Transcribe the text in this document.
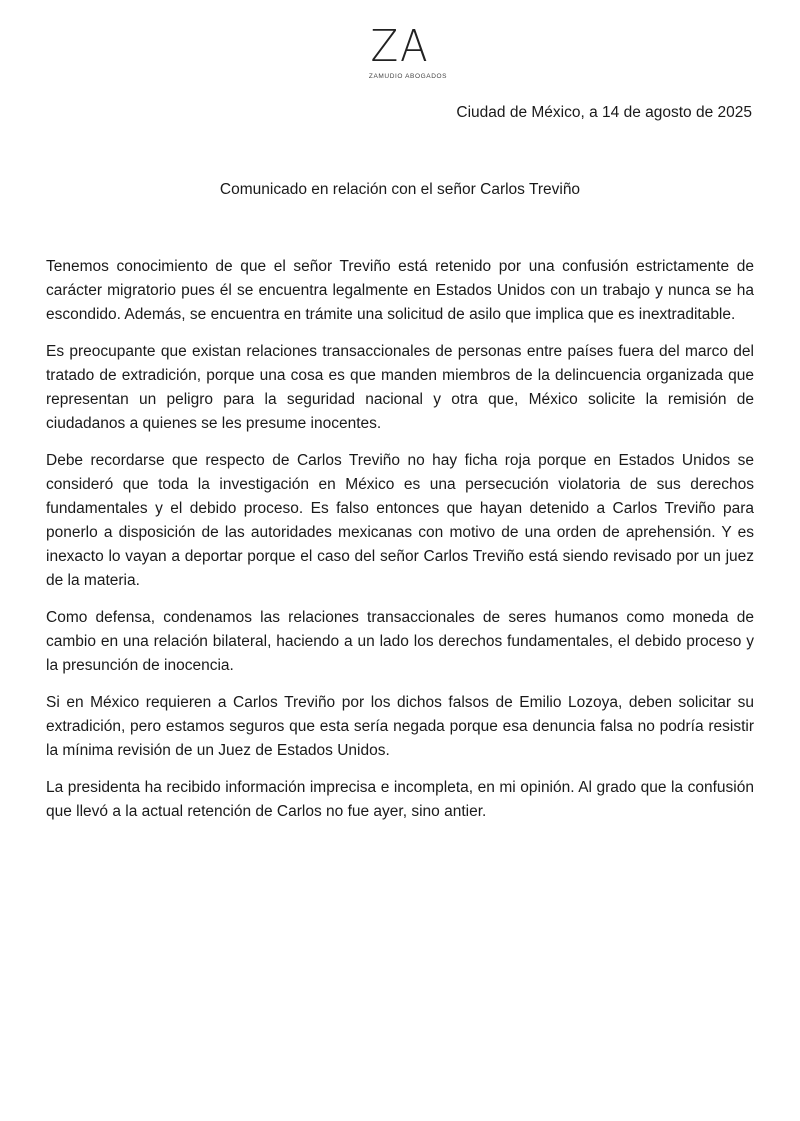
ZA
ZAMUDIO ABOGADOS
Ciudad de México, a 14 de agosto de 2025
Comunicado en relación con el señor Carlos Treviño

Tenemos conocimiento de que el señor Treviño está retenido por una confusión estrictamente de carácter migratorio pues él se encuentra legalmente en Estados Unidos con un trabajo y nunca se ha escondido. Además, se encuentra en trámite una solicitud de asilo que implica que es inextraditable.

Es preocupante que existan relaciones transaccionales de personas entre países fuera del marco del tratado de extradición, porque una cosa es que manden miembros de la delincuencia organizada que representan un peligro para la seguridad nacional y otra que, México solicite la remisión de ciudadanos a quienes se les presume inocentes.

Debe recordarse que respecto de Carlos Treviño no hay ficha roja porque en Estados Unidos se consideró que toda la investigación en México es una persecución violatoria de sus derechos fundamentales y el debido proceso. Es falso entonces que hayan detenido a Carlos Treviño para ponerlo a disposición de las autoridades mexicanas con motivo de una orden de aprehensión. Y es inexacto lo vayan a deportar porque el caso del señor Carlos Treviño está siendo revisado por un juez de la materia.

Como defensa, condenamos las relaciones transaccionales de seres humanos como moneda de cambio en una relación bilateral, haciendo a un lado los derechos fundamentales, el debido proceso y la presunción de inocencia.

Si en México requieren a Carlos Treviño por los dichos falsos de Emilio Lozoya, deben solicitar su extradición, pero estamos seguros que esta sería negada porque esa denuncia falsa no podría resistir la mínima revisión de un Juez de Estados Unidos.

La presidenta ha recibido información imprecisa e incompleta, en mi opinión. Al grado que la confusión que llevó a la actual retención de Carlos no fue ayer, sino antier.
